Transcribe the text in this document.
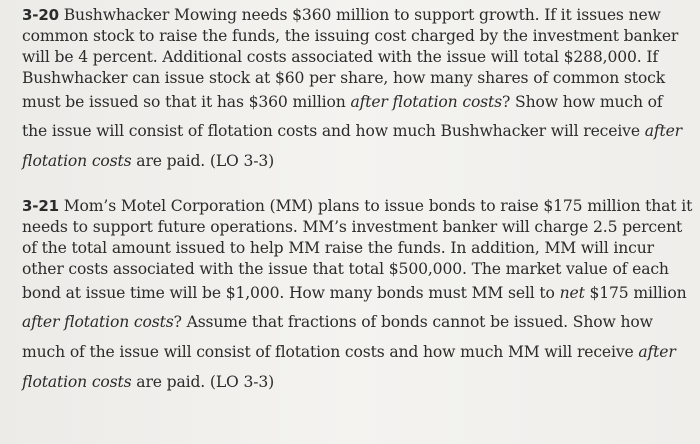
3-20 Bushwhacker Mowing needs $360 million to support growth. If it issues new
common stock to raise the funds, the issuing cost charged by the investment banker
will be 4 percent. Additional costs associated with the issue will total $288,000. If
Bushwhacker can issue stock at $60 per share, how many shares of common stock
must be issued so that it has $360 million after flotation costs? Show how much of
the issue will consist of flotation costs and how much Bushwhacker will receive after
flotation costs are paid. (LO 3-3)
3-21 Mom’s Motel Corporation (MM) plans to issue bonds to raise $175 million that it
needs to support future operations. MM’s investment banker will charge 2.5 percent
of the total amount issued to help MM raise the funds. In addition, MM will incur
other costs associated with the issue that total $500,000. The market value of each
bond at issue time will be $1,000. How many bonds must MM sell to net $175 million
after flotation costs? Assume that fractions of bonds cannot be issued. Show how
much of the issue will consist of flotation costs and how much MM will receive after
flotation costs are paid. (LO 3-3)
